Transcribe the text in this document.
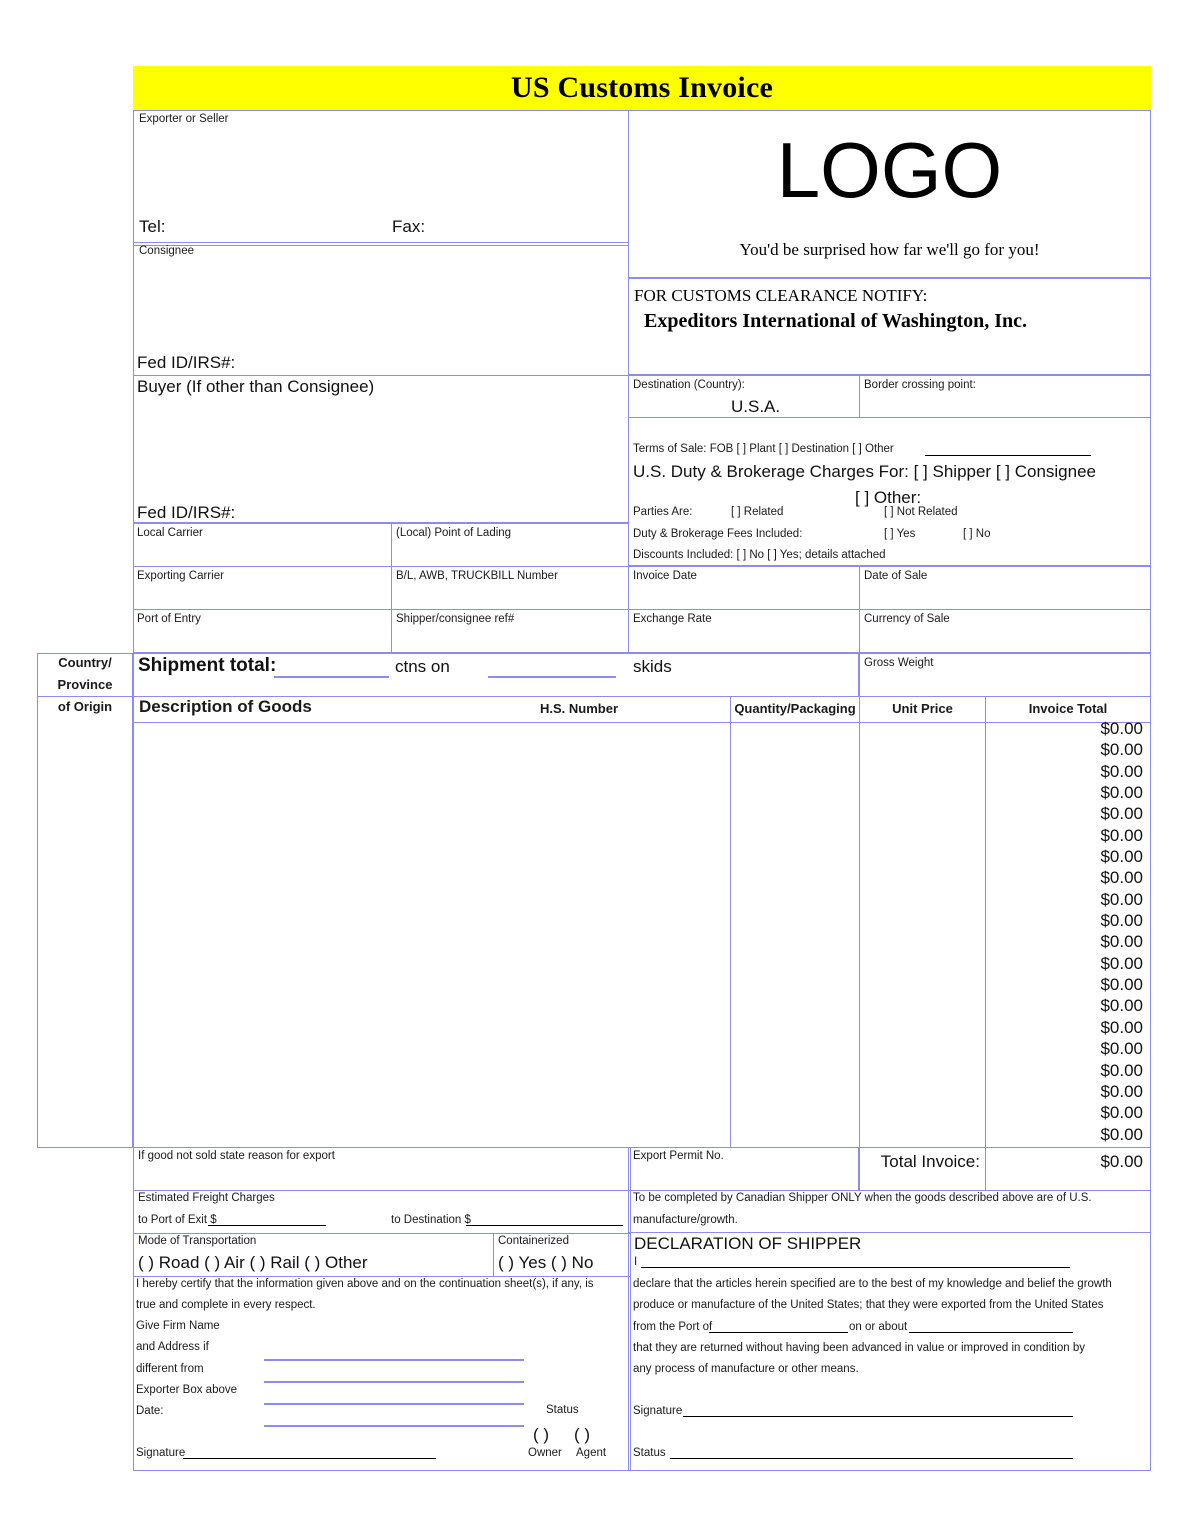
US Customs Invoice
Exporter or Seller
Tel:	Fax:
Consignee
Fed ID/IRS#:
Buyer (If other than Consignee)
Fed ID/IRS#:
Local Carrier	(Local) Point of Lading
Exporting Carrier	B/L, AWB, TRUCKBILL Number
Port of Entry	Shipper/consignee ref#
LOGO
You'd be surprised how far we'll go for you!
FOR CUSTOMS CLEARANCE NOTIFY:
Expeditors International of Washington, Inc.
Destination (Country):
U.S.A.
Border crossing point:
Terms of Sale: FOB [ ] Plant [ ] Destination [ ] Other
U.S. Duty & Brokerage Charges For: [ ] Shipper [ ] Consignee
[ ] Other:
Parties Are:	[ ] Related	[ ] Not Related
Duty & Brokerage Fees Included:	[ ] Yes	[ ] No
Discounts Included: [ ] No [ ] Yes; details attached
Invoice Date	Date of Sale
Exchange Rate	Currency of Sale
Country/
Province
of Origin
Shipment total:	ctns on	skids	Gross Weight
Description of Goods	H.S. Number	Quantity/Packaging	Unit Price	Invoice Total
$0.00
$0.00
$0.00
$0.00
$0.00
$0.00
$0.00
$0.00
$0.00
$0.00
$0.00
$0.00
$0.00
$0.00
$0.00
$0.00
$0.00
$0.00
$0.00
$0.00
If good not sold state reason for export	Export Permit No.	Total Invoice:	$0.00
Estimated Freight Charges
to Port of Exit $	to Destination $
Mode of Transportation
( ) Road ( ) Air ( ) Rail ( ) Other
Containerized
( ) Yes ( ) No
I hereby certify that the information given above and on the continuation sheet(s), if any, is
true and complete in every respect.
Give Firm Name
and Address if
different from
Exporter Box above
Date:	Status
( ) ( )
Owner Agent
Signature
To be completed by Canadian Shipper ONLY when the goods described above are of U.S.
manufacture/growth.
DECLARATION OF SHIPPER
I
declare that the articles herein specified are to the best of my knowledge and belief the growth
produce or manufacture of the United States; that they were exported from the United States
from the Port of	on or about
that they are returned without having been advanced in value or improved in condition by
any process of manufacture or other means.
Signature
Status
